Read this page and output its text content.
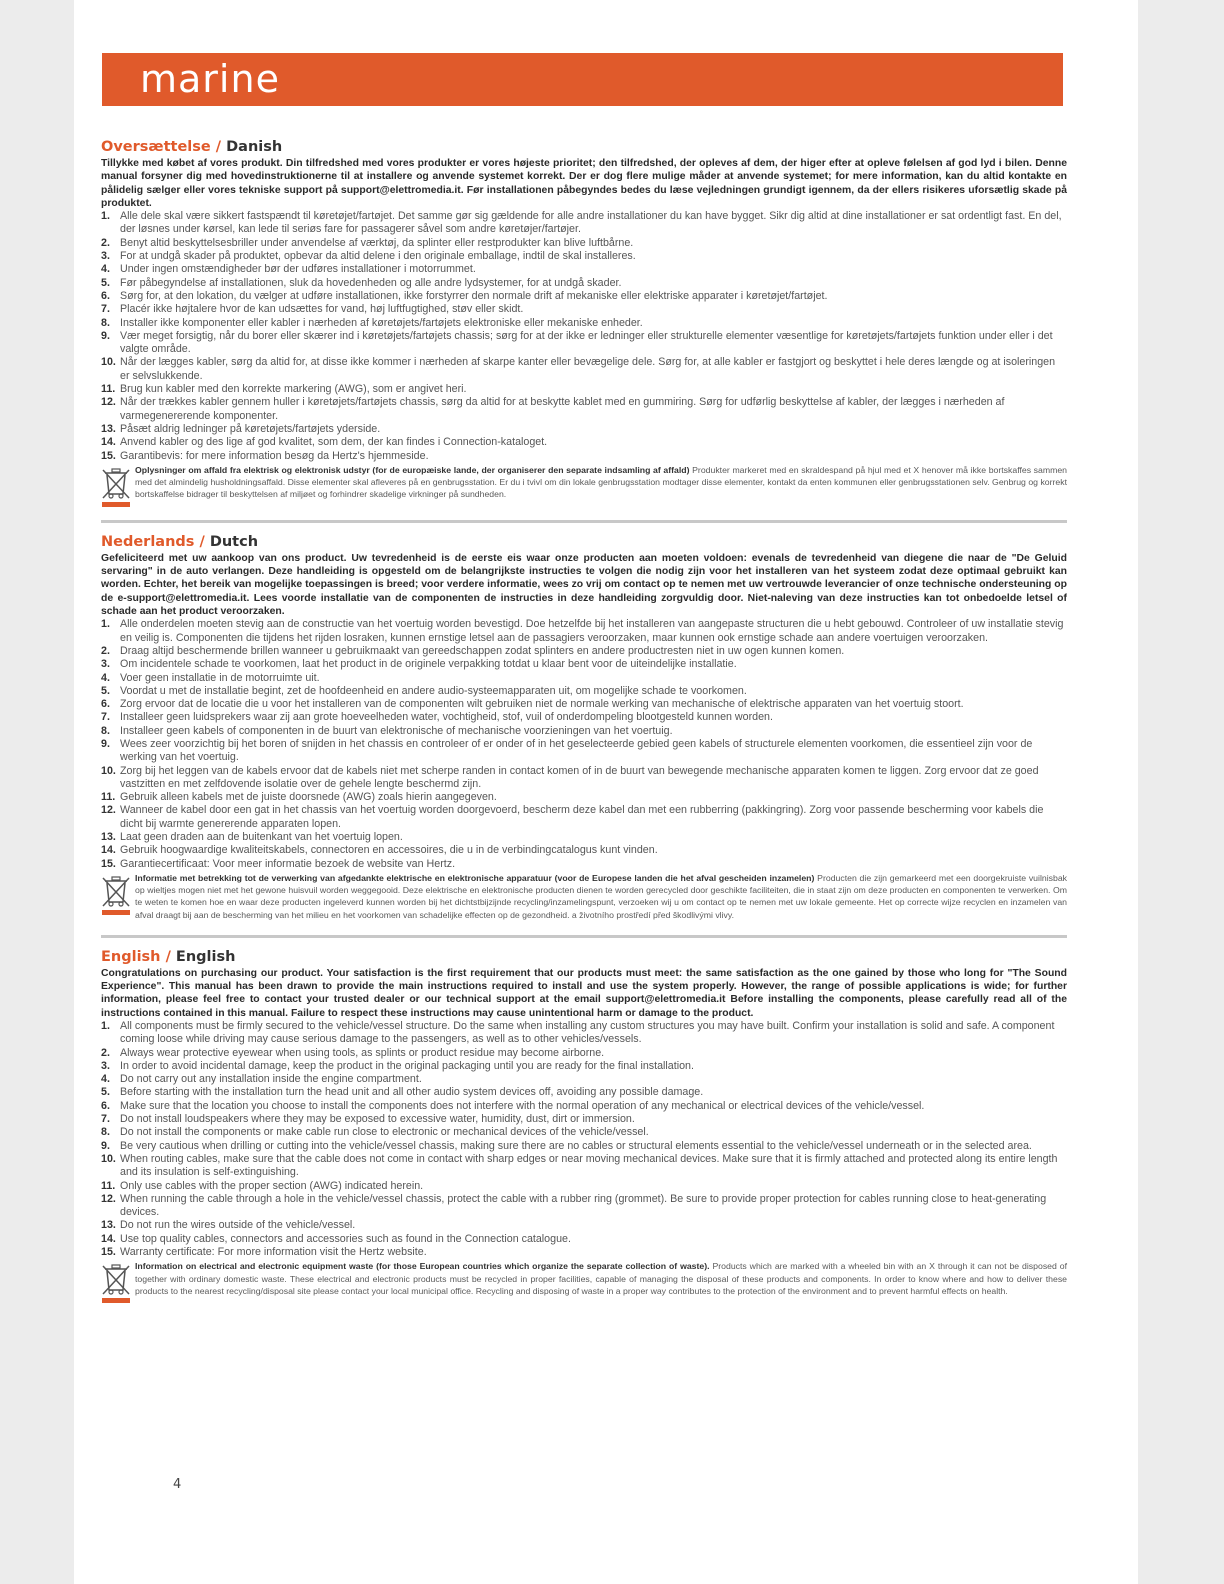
marine
Oversættelse / Danish

Tillykke med købet af vores produkt. Din tilfredshed med vores produkter er vores højeste prioritet; den tilfredshed, der opleves af dem, der higer efter at opleve følelsen af god lyd i bilen. Denne manual forsyner dig med hovedinstruktionerne til at installere og anvende systemet korrekt. Der er dog flere mulige måder at anvende systemet; for mere information, kan du altid kontakte en pålidelig sælger eller vores tekniske support på support@elettromedia.it. Før installationen påbegyndes bedes du læse vejledningen grundigt igennem, da der ellers risikeres uforsætlig skade på produktet.

1. Alle dele skal være sikkert fastspændt til køretøjet/fartøjet. Det samme gør sig gældende for alle andre installationer du kan have bygget. Sikr dig altid at dine installationer er sat ordentligt fast. En del, der løsnes under kørsel, kan lede til seriøs fare for passagerer såvel som andre køretøjer/fartøjer.
2. Benyt altid beskyttelsesbriller under anvendelse af værktøj, da splinter eller restprodukter kan blive luftbårne.
3. For at undgå skader på produktet, opbevar da altid delene i den originale emballage, indtil de skal installeres.
4. Under ingen omstændigheder bør der udføres installationer i motorrummet.
5. Før påbegyndelse af installationen, sluk da hovedenheden og alle andre lydsystemer, for at undgå skader.
6. Sørg for, at den lokation, du vælger at udføre installationen, ikke forstyrrer den normale drift af mekaniske eller elektriske apparater i køretøjet/fartøjet.
7. Placér ikke højtalere hvor de kan udsættes for vand, høj luftfugtighed, støv eller skidt.
8. Installer ikke komponenter eller kabler i nærheden af køretøjets/fartøjets elektroniske eller mekaniske enheder.
9. Vær meget forsigtig, når du borer eller skærer ind i køretøjets/fartøjets chassis; sørg for at der ikke er ledninger eller strukturelle elementer væsentlige for køretøjets/fartøjets funktion under eller i det valgte område.
10. Når der lægges kabler, sørg da altid for, at disse ikke kommer i nærheden af skarpe kanter eller bevægelige dele. Sørg for, at alle kabler er fastgjort og beskyttet i hele deres længde og at isoleringen er selvslukkende.
11. Brug kun kabler med den korrekte markering (AWG), som er angivet heri.
12. Når der trækkes kabler gennem huller i køretøjets/fartøjets chassis, sørg da altid for at beskytte kablet med en gummiring. Sørg for udførlig beskyttelse af kabler, der lægges i nærheden af varmegenererende komponenter.
13. Påsæt aldrig ledninger på køretøjets/fartøjets yderside.
14. Anvend kabler og des lige af god kvalitet, som dem, der kan findes i Connection-kataloget.
15. Garantibevis: for mere information besøg da Hertz's hjemmeside.
Oplysninger om affald fra elektrisk og elektronisk udstyr (for de europæiske lande, der organiserer den separate indsamling af affald) Produkter markeret med en skraldespand på hjul med et X henover må ikke bortskaffes sammen med det almindelig husholdningsaffald. Disse elementer skal afleveres på en genbrugsstation. Er du i tvivl om din lokale genbrugsstation modtager disse elementer, kontakt da enten kommunen eller genbrugsstationen selv. Genbrug og korrekt bortskaffelse bidrager til beskyttelsen af miljøet og forhindrer skadelige virkninger på sundheden.
Nederlands / Dutch

Gefeliciteerd met uw aankoop van ons product. Uw tevredenheid is de eerste eis waar onze producten aan moeten voldoen: evenals de tevredenheid van diegene die naar de "De Geluid servaring" in de auto verlangen. Deze handleiding is opgesteld om de belangrijkste instructies te volgen die nodig zijn voor het installeren van het systeem zodat deze optimaal gebruikt kan worden. Echter, het bereik van mogelijke toepassingen is breed; voor verdere informatie, wees zo vrij om contact op te nemen met uw vertrouwde leverancier of onze technische ondersteuning op de e-support@elettromedia.it. Lees voorde installatie van de componenten de instructies in deze handleiding zorgvuldig door. Niet-naleving van deze instructies kan tot onbedoelde letsel of schade aan het product veroorzaken.

1. Alle onderdelen moeten stevig aan de constructie van het voertuig worden bevestigd. Doe hetzelfde bij het installeren van aangepaste structuren die u hebt gebouwd. Controleer of uw installatie stevig en veilig is. Componenten die tijdens het rijden losraken, kunnen ernstige letsel aan de passagiers veroorzaken, maar kunnen ook ernstige schade aan andere voertuigen veroorzaken.
2. Draag altijd beschermende brillen wanneer u gebruikmaakt van gereedschappen zodat splinters en andere productresten niet in uw ogen kunnen komen.
3. Om incidentele schade te voorkomen, laat het product in de originele verpakking totdat u klaar bent voor de uiteindelijke installatie.
4. Voer geen installatie in de motorruimte uit.
5. Voordat u met de installatie begint, zet de hoofdeenheid en andere audio-systeemapparaten uit, om mogelijke schade te voorkomen.
6. Zorg ervoor dat de locatie die u voor het installeren van de componenten wilt gebruiken niet de normale werking van mechanische of elektrische apparaten van het voertuig stoort.
7. Installeer geen luidsprekers waar zij aan grote hoeveelheden water, vochtigheid, stof, vuil of onderdompeling blootgesteld kunnen worden.
8. Installeer geen kabels of componenten in de buurt van elektronische of mechanische voorzieningen van het voertuig.
9. Wees zeer voorzichtig bij het boren of snijden in het chassis en controleer of er onder of in het geselecteerde gebied geen kabels of structurele elementen voorkomen, die essentieel zijn voor de werking van het voertuig.
10. Zorg bij het leggen van de kabels ervoor dat de kabels niet met scherpe randen in contact komen of in de buurt van bewegende mechanische apparaten komen te liggen. Zorg ervoor dat ze goed vastzitten en met zelfdovende isolatie over de gehele lengte beschermd zijn.
11. Gebruik alleen kabels met de juiste doorsnede (AWG) zoals hierin aangegeven.
12. Wanneer de kabel door een gat in het chassis van het voertuig worden doorgevoerd, bescherm deze kabel dan met een rubberring (pakkingring). Zorg voor passende bescherming voor kabels die dicht bij warmte genererende apparaten lopen.
13. Laat geen draden aan de buitenkant van het voertuig lopen.
14. Gebruik hoogwaardige kwaliteitskabels, connectoren en accessoires, die u in de verbindingcatalogus kunt vinden.
15. Garantiecertificaat: Voor meer informatie bezoek de website van Hertz.
Informatie met betrekking tot de verwerking van afgedankte elektrische en elektronische apparatuur (voor de Europese landen die het afval gescheiden inzamelen) Producten die zijn gemarkeerd met een doorgekruiste vuilnisbak op wieltjes mogen niet met het gewone huisvuil worden weggegooid. Deze elektrische en elektronische producten dienen te worden gerecycled door geschikte faciliteiten, die in staat zijn om deze producten en componenten te verwerken. Om te weten te komen hoe en waar deze producten ingeleverd kunnen worden bij het dichtstbijzijnde recycling/inzamelingspunt, verzoeken wij u om contact op te nemen met uw lokale gemeente. Het op correcte wijze recyclen en inzamelen van afval draagt bij aan de bescherming van het milieu en het voorkomen van schadelijke effecten op de gezondheid. a životního prostředí před škodlivými vlivy.
English / English

Congratulations on purchasing our product. Your satisfaction is the first requirement that our products must meet: the same satisfaction as the one gained by those who long for "The Sound Experience". This manual has been drawn to provide the main instructions required to install and use the system properly. However, the range of possible applications is wide; for further information, please feel free to contact your trusted dealer or our technical support at the email support@elettromedia.it Before installing the components, please carefully read all of the instructions contained in this manual. Failure to respect these instructions may cause unintentional harm or damage to the product.

1. All components must be firmly secured to the vehicle/vessel structure. Do the same when installing any custom structures you may have built. Confirm your installation is solid and safe. A component coming loose while driving may cause serious damage to the passengers, as well as to other vehicles/vessels.
2. Always wear protective eyewear when using tools, as splints or product residue may become airborne.
3. In order to avoid incidental damage, keep the product in the original packaging until you are ready for the final installation.
4. Do not carry out any installation inside the engine compartment.
5. Before starting with the installation turn the head unit and all other audio system devices off, avoiding any possible damage.
6. Make sure that the location you choose to install the components does not interfere with the normal operation of any mechanical or electrical devices of the vehicle/vessel.
7. Do not install loudspeakers where they may be exposed to excessive water, humidity, dust, dirt or immersion.
8. Do not install the components or make cable run close to electronic or mechanical devices of the vehicle/vessel.
9. Be very cautious when drilling or cutting into the vehicle/vessel chassis, making sure there are no cables or structural elements essential to the vehicle/vessel underneath or in the selected area.
10. When routing cables, make sure that the cable does not come in contact with sharp edges or near moving mechanical devices. Make sure that it is firmly attached and protected along its entire length and its insulation is self-extinguishing.
11. Only use cables with the proper section (AWG) indicated herein.
12. When running the cable through a hole in the vehicle/vessel chassis, protect the cable with a rubber ring (grommet). Be sure to provide proper protection for cables running close to heat-generating devices.
13. Do not run the wires outside of the vehicle/vessel.
14. Use top quality cables, connectors and accessories such as found in the Connection catalogue.
15. Warranty certificate: For more information visit the Hertz website.
Information on electrical and electronic equipment waste (for those European countries which organize the separate collection of waste). Products which are marked with a wheeled bin with an X through it can not be disposed of together with ordinary domestic waste. These electrical and electronic products must be recycled in proper facilities, capable of managing the disposal of these products and components. In order to know where and how to deliver these products to the nearest recycling/disposal site please contact your local municipal office. Recycling and disposing of waste in a proper way contributes to the protection of the environment and to prevent harmful effects on health.
4
